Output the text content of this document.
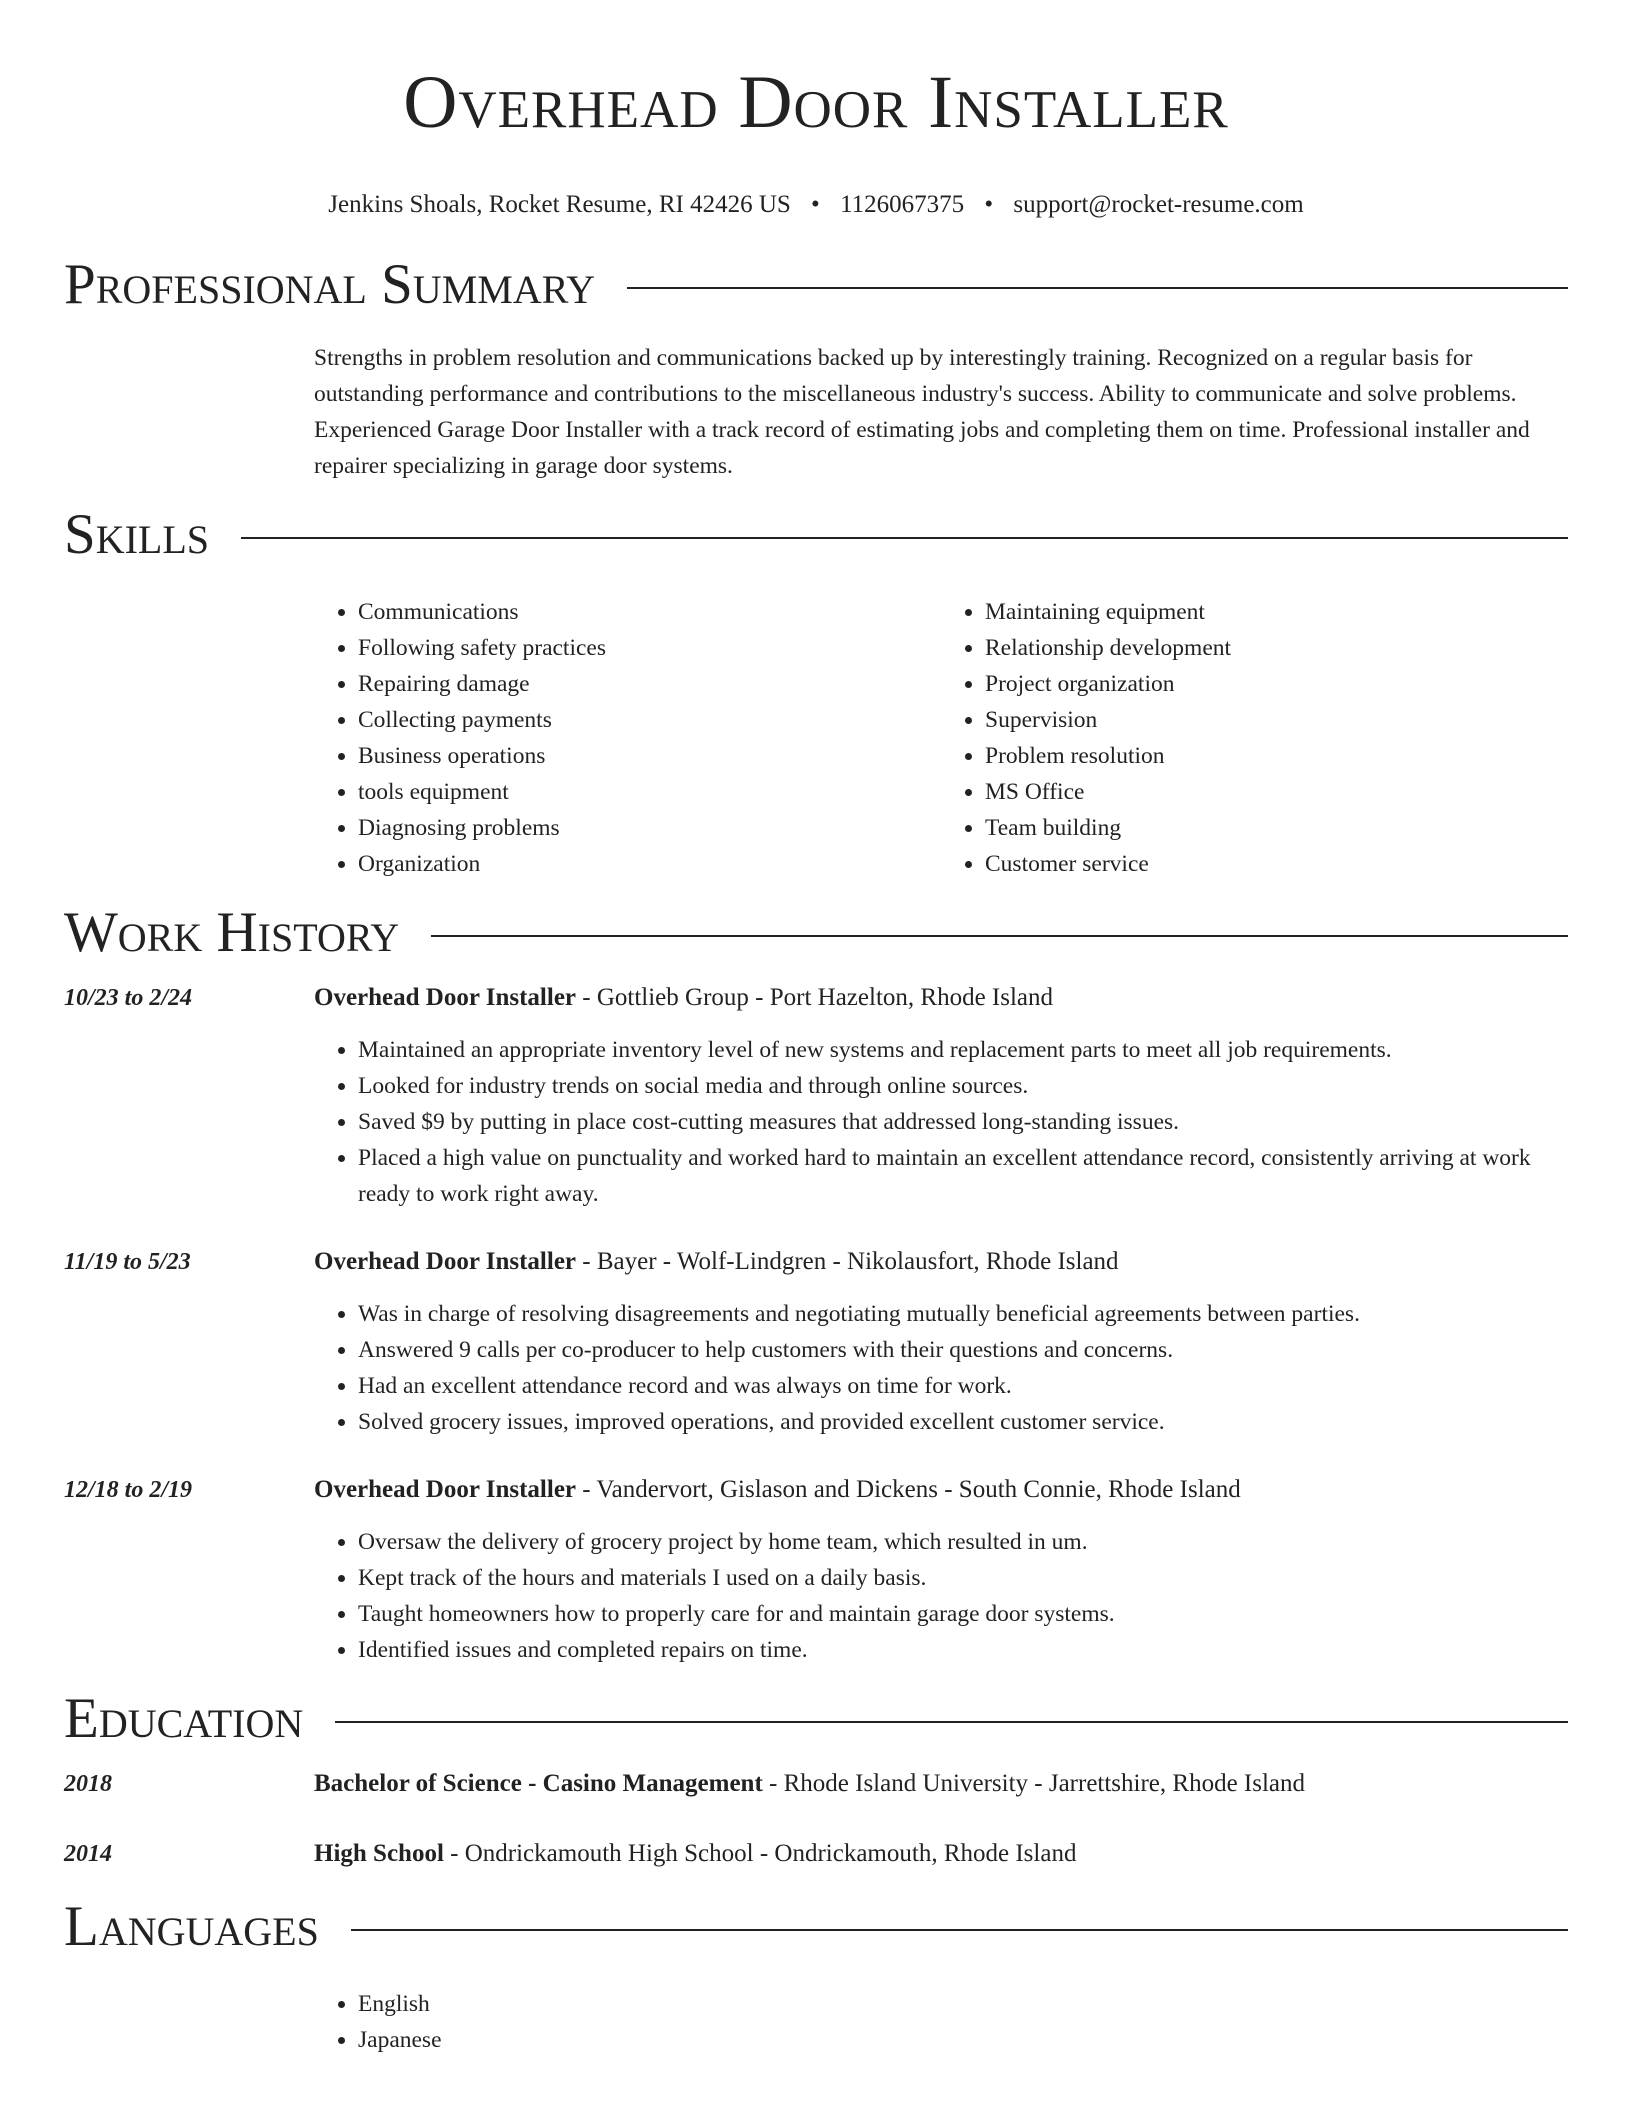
Overhead Door Installer
Jenkins Shoals, Rocket Resume, RI 42426 US • 1126067375 • support@rocket-resume.com
Professional Summary
Strengths in problem resolution and communications backed up by interestingly training. Recognized on a regular basis for outstanding performance and contributions to the miscellaneous industry's success. Ability to communicate and solve problems. Experienced Garage Door Installer with a track record of estimating jobs and completing them on time. Professional installer and repairer specializing in garage door systems.
Skills
• Communications
• Following safety practices
• Repairing damage
• Collecting payments
• Business operations
• tools equipment
• Diagnosing problems
• Organization
• Maintaining equipment
• Relationship development
• Project organization
• Supervision
• Problem resolution
• MS Office
• Team building
• Customer service
Work History
10/23 to 2/24	Overhead Door Installer - Gottlieb Group - Port Hazelton, Rhode Island
• Maintained an appropriate inventory level of new systems and replacement parts to meet all job requirements.
• Looked for industry trends on social media and through online sources.
• Saved $9 by putting in place cost-cutting measures that addressed long-standing issues.
• Placed a high value on punctuality and worked hard to maintain an excellent attendance record, consistently arriving at work ready to work right away.
11/19 to 5/23	Overhead Door Installer - Bayer - Wolf-Lindgren - Nikolausfort, Rhode Island
• Was in charge of resolving disagreements and negotiating mutually beneficial agreements between parties.
• Answered 9 calls per co-producer to help customers with their questions and concerns.
• Had an excellent attendance record and was always on time for work.
• Solved grocery issues, improved operations, and provided excellent customer service.
12/18 to 2/19	Overhead Door Installer - Vandervort, Gislason and Dickens - South Connie, Rhode Island
• Oversaw the delivery of grocery project by home team, which resulted in um.
• Kept track of the hours and materials I used on a daily basis.
• Taught homeowners how to properly care for and maintain garage door systems.
• Identified issues and completed repairs on time.
Education
2018	Bachelor of Science - Casino Management - Rhode Island University - Jarrettshire, Rhode Island
2014	High School - Ondrickamouth High School - Ondrickamouth, Rhode Island
Languages
• English
• Japanese
